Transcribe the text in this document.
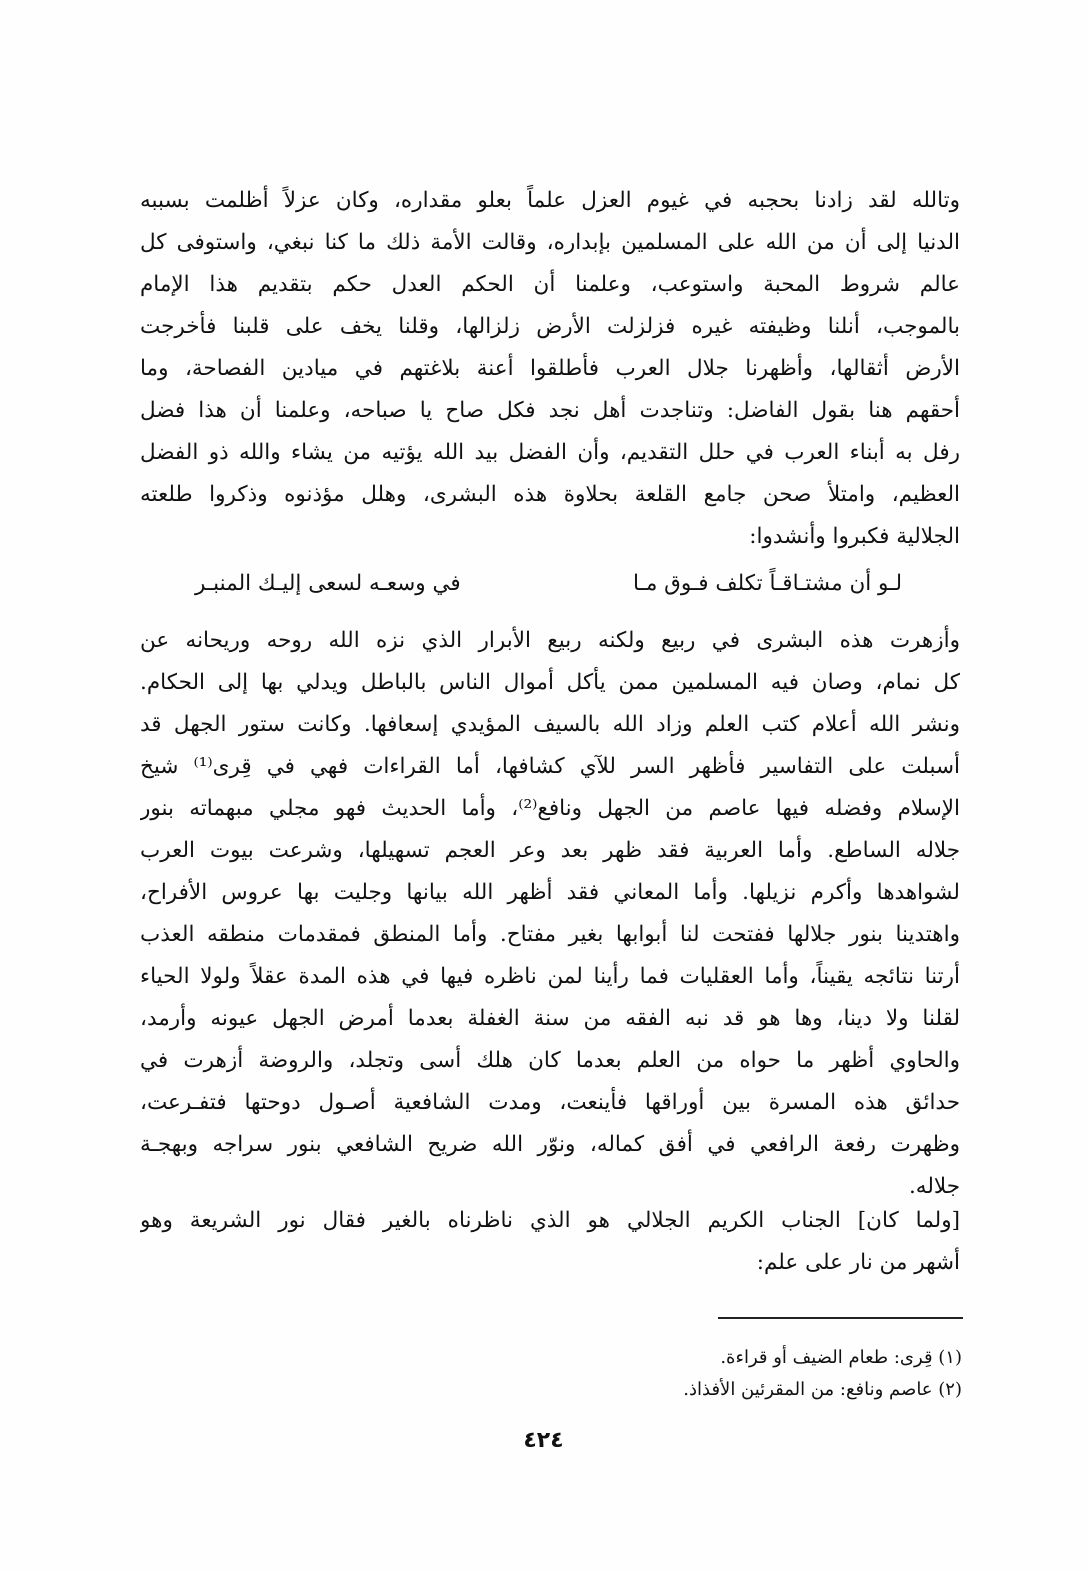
وتالله لقد زادنا بحجبه في غيوم العزل علماً بعلو مقداره، وكان عزلاً أظلمت بسببه
الدنيا إلى أن من الله على المسلمين بإبداره، وقالت الأمة ذلك ما كنا نبغي، واستوفى كل
عالم شروط المحبة واستوعب، وعلمنا أن الحكم العدل حكم بتقديم هذا الإمام
بالموجب، أنلنا وظيفته غيره فزلزلت الأرض زلزالها، وقلنا يخف على قلبنا فأخرجت
الأرض أثقالها، وأظهرنا جلال العرب فأطلقوا أعنة بلاغتهم في ميادين الفصاحة، وما
أحقهم هنا بقول الفاضل: وتناجدت أهل نجد فكل صاح يا صباحه، وعلمنا أن هذا فضل
رفل به أبناء العرب في حلل التقديم، وأن الفضل بيد الله يؤتيه من يشاء والله ذو الفضل
العظيم، وامتلأ صحن جامع القلعة بحلاوة هذه البشرى، وهلل مؤذنوه وذكروا طلعته
الجلالية فكبروا وأنشدوا:
لـو أن مشتـاقـاً تكلف فـوق مـا
في وسعـه لسعى إليـك المنبـر
وأزهرت هذه البشرى في ربيع ولكنه ربيع الأبرار الذي نزه الله روحه وريحانه عن
كل نمام، وصان فيه المسلمين ممن يأكل أموال الناس بالباطل ويدلي بها إلى الحكام.
ونشر الله أعلام كتب العلم وزاد الله بالسيف المؤيدي إسعافها. وكانت ستور الجهل قد
أسبلت على التفاسير فأظهر السر للآي كشافها، أما القراءات فهي في قِرى⁽¹⁾ شيخ
الإسلام وفضله فيها عاصم من الجهل ونافع⁽²⁾، وأما الحديث فهو مجلي مبهماته بنور
جلاله الساطع. وأما العربية فقد ظهر بعد وعر العجم تسهيلها، وشرعت بيوت العرب
لشواهدها وأكرم نزيلها. وأما المعاني فقد أظهر الله بيانها وجليت بها عروس الأفراح،
واهتدينا بنور جلالها ففتحت لنا أبوابها بغير مفتاح. وأما المنطق فمقدمات منطقه العذب
أرتنا نتائجه يقيناً، وأما العقليات فما رأينا لمن ناظره فيها في هذه المدة عقلاً ولولا الحياء
لقلنا ولا دينا، وها هو قد نبه الفقه من سنة الغفلة بعدما أمرض الجهل عيونه وأرمد،
والحاوي أظهر ما حواه من العلم بعدما كان هلك أسى وتجلد، والروضة أزهرت في
حدائق هذه المسرة بين أوراقها فأينعت، ومدت الشافعية أصـول دوحتها فتفـرعت،
وظهرت رفعة الرافعي في أفق كماله، ونوّر الله ضريح الشافعي بنور سراجه وبهجـة
جلاله.
[ولما كان] الجناب الكريم الجلالي هو الذي ناظرناه بالغير فقال نور الشريعة وهو
أشهر من نار على علم:
(١) قِرى: طعام الضيف أو قراءة.
(٢) عاصم ونافع: من المقرئين الأفذاذ.
٤٢٤
